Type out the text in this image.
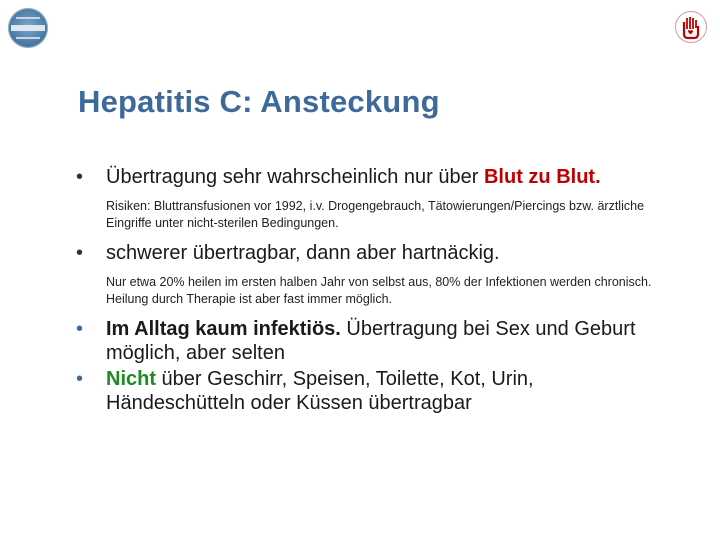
Hepatitis C: Ansteckung
• Übertragung sehr wahrscheinlich nur über Blut zu Blut.
Risiken: Bluttransfusionen vor 1992, i.v. Drogengebrauch, Tätowierungen/Piercings bzw. ärztliche Eingriffe unter nicht-sterilen Bedingungen.
• schwerer übertragbar, dann aber hartnäckig.
Nur etwa 20% heilen im ersten halben Jahr von selbst aus, 80% der Infektionen werden chronisch. Heilung durch Therapie ist aber fast immer möglich.
• Im Alltag kaum infektiös. Übertragung bei Sex und Geburt möglich, aber selten
• Nicht über Geschirr, Speisen, Toilette, Kot, Urin, Händeschütteln oder Küssen übertragbar
